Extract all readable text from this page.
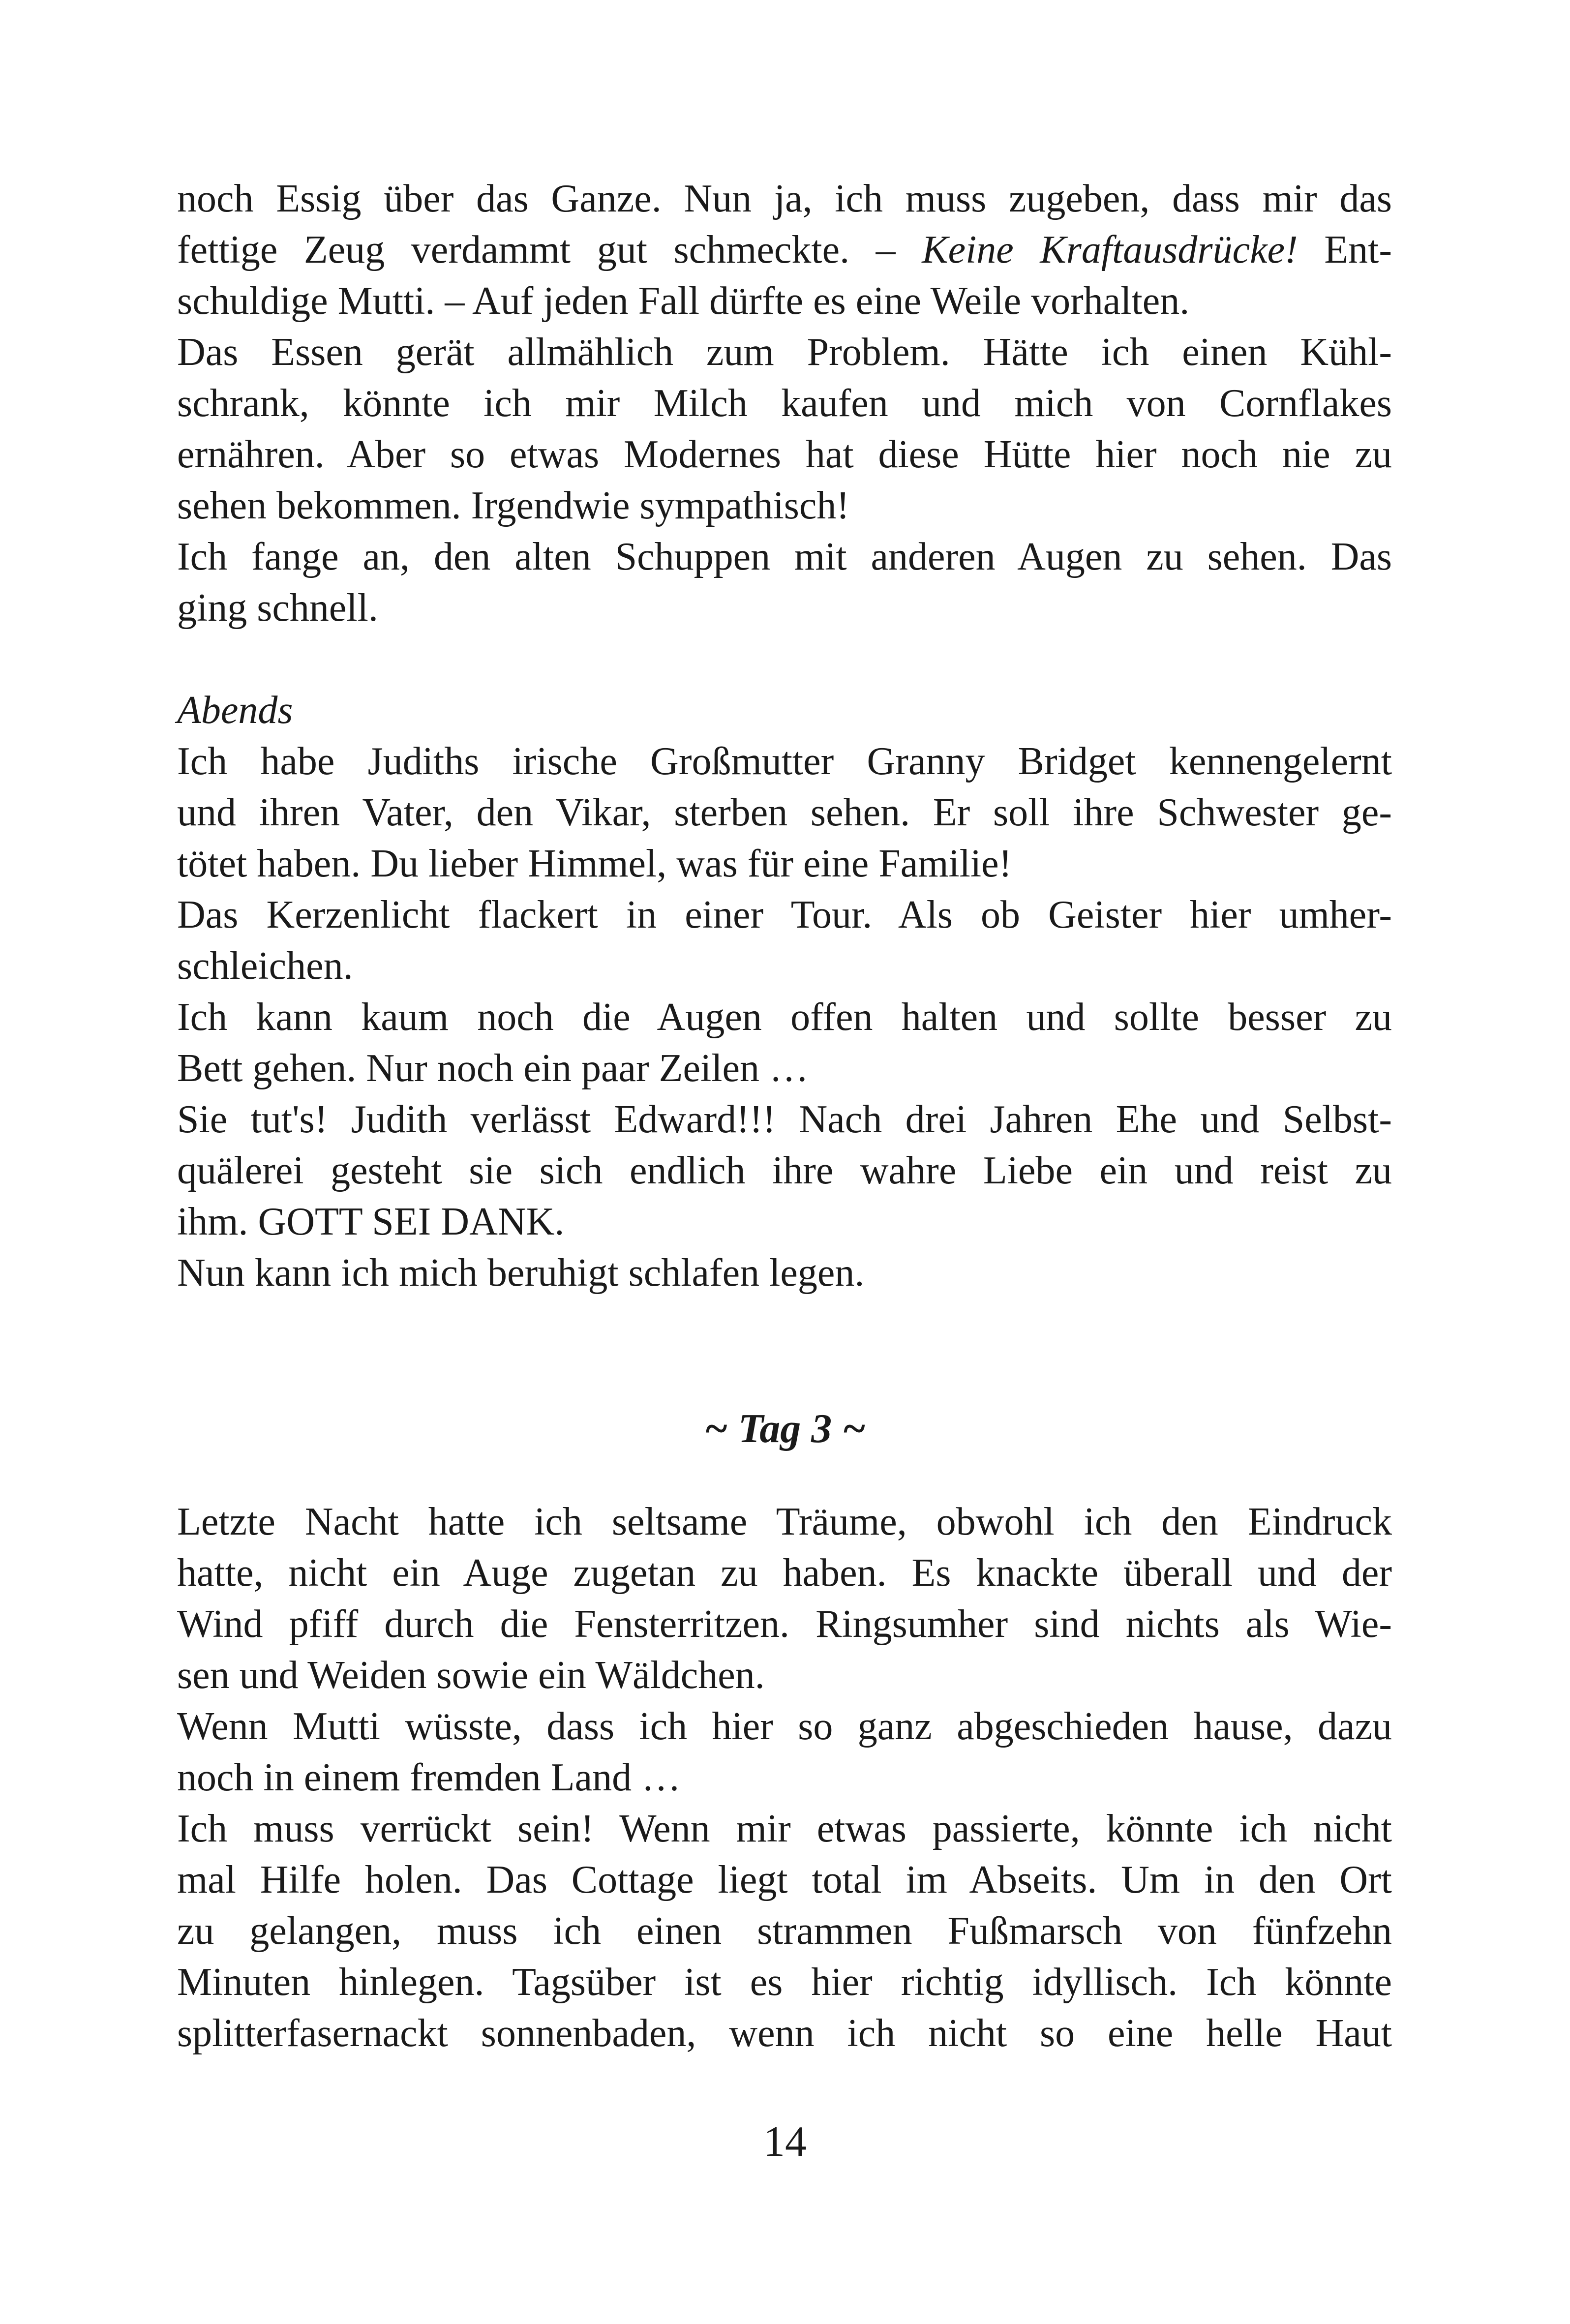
noch Essig über das Ganze. Nun ja, ich muss zugeben, dass mir das
fettige Zeug verdammt gut schmeckte. – Keine Kraftausdrücke! Ent-
schuldige Mutti. – Auf jeden Fall dürfte es eine Weile vorhalten.
Das Essen gerät allmählich zum Problem. Hätte ich einen Kühl-
schrank, könnte ich mir Milch kaufen und mich von Cornflakes
ernähren. Aber so etwas Modernes hat diese Hütte hier noch nie zu
sehen bekommen. Irgendwie sympathisch!
Ich fange an, den alten Schuppen mit anderen Augen zu sehen. Das
ging schnell.
Abends
Ich habe Judiths irische Großmutter Granny Bridget kennengelernt
und ihren Vater, den Vikar, sterben sehen. Er soll ihre Schwester ge-
tötet haben. Du lieber Himmel, was für eine Familie!
Das Kerzenlicht flackert in einer Tour. Als ob Geister hier umher-
schleichen.
Ich kann kaum noch die Augen offen halten und sollte besser zu
Bett gehen. Nur noch ein paar Zeilen …
Sie tut's! Judith verlässt Edward!!! Nach drei Jahren Ehe und Selbst-
quälerei gesteht sie sich endlich ihre wahre Liebe ein und reist zu
ihm. GOTT SEI DANK.
Nun kann ich mich beruhigt schlafen legen.
~ Tag 3 ~
Letzte Nacht hatte ich seltsame Träume, obwohl ich den Eindruck
hatte, nicht ein Auge zugetan zu haben. Es knackte überall und der
Wind pfiff durch die Fensterritzen. Ringsumher sind nichts als Wie-
sen und Weiden sowie ein Wäldchen.
Wenn Mutti wüsste, dass ich hier so ganz abgeschieden hause, dazu
noch in einem fremden Land …
Ich muss verrückt sein! Wenn mir etwas passierte, könnte ich nicht
mal Hilfe holen. Das Cottage liegt total im Abseits. Um in den Ort
zu gelangen, muss ich einen strammen Fußmarsch von fünfzehn
Minuten hinlegen. Tagsüber ist es hier richtig idyllisch. Ich könnte
splitterfasernackt sonnenbaden, wenn ich nicht so eine helle Haut
14
